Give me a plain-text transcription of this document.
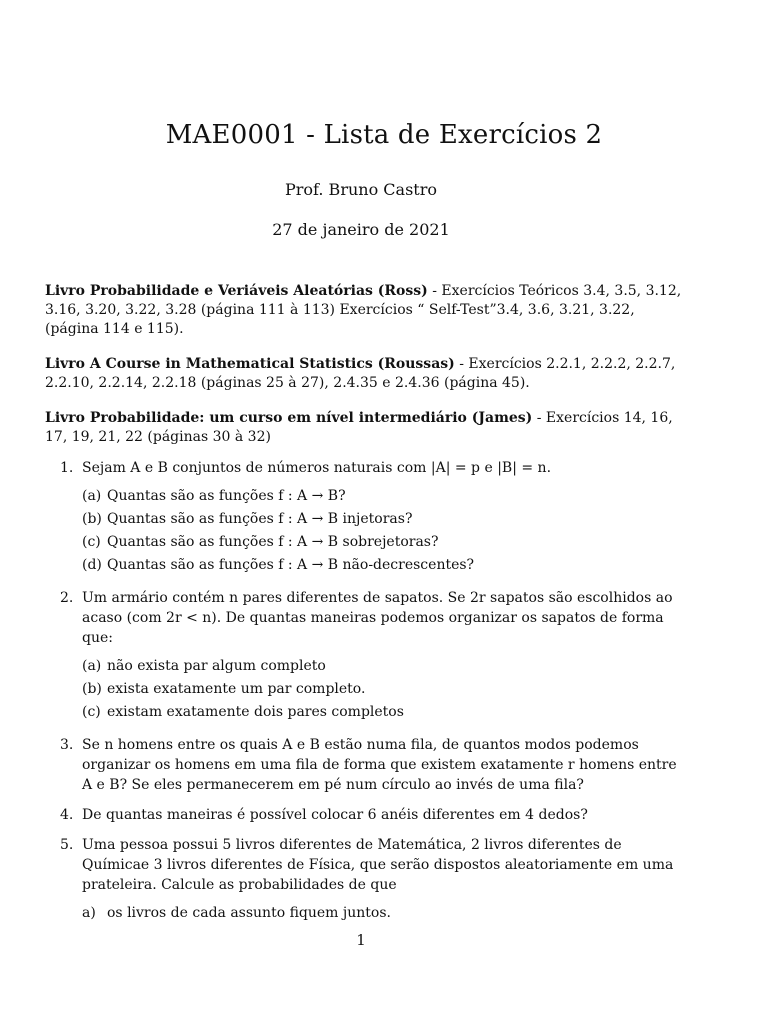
MAE0001 - Lista de Exercícios 2
Prof. Bruno Castro
27 de janeiro de 2021

Livro Probabilidade e Veriáveis Aleatórias (Ross) - Exercícios Teóricos 3.4, 3.5, 3.12, 3.16, 3.20, 3.22, 3.28 (página 111 à 113) Exercícios “ Self-Test”3.4, 3.6, 3.21, 3.22, (página 114 e 115).

Livro A Course in Mathematical Statistics (Roussas) - Exercícios 2.2.1, 2.2.2, 2.2.7, 2.2.10, 2.2.14, 2.2.18 (páginas 25 à 27), 2.4.35 e 2.4.36 (página 45).

Livro Probabilidade: um curso em nível intermediário (James) - Exercícios 14, 16, 17, 19, 21, 22 (páginas 30 à 32)

1. Sejam A e B conjuntos de números naturais com |A| = p e |B| = n.
(a) Quantas são as funções f : A → B?
(b) Quantas são as funções f : A → B injetoras?
(c) Quantas são as funções f : A → B sobrejetoras?
(d) Quantas são as funções f : A → B não-decrescentes?
2. Um armário contém n pares diferentes de sapatos. Se 2r sapatos são escolhidos ao acaso (com 2r < n). De quantas maneiras podemos organizar os sapatos de forma que:
(a) não exista par algum completo
(b) exista exatamente um par completo.
(c) existam exatamente dois pares completos
3. Se n homens entre os quais A e B estão numa fila, de quantos modos podemos organizar os homens em uma fila de forma que existem exatamente r homens entre A e B? Se eles permanecerem em pé num círculo ao invés de uma fila?
4. De quantas maneiras é possível colocar 6 anéis diferentes em 4 dedos?
5. Uma pessoa possui 5 livros diferentes de Matemática, 2 livros diferentes de Químicae 3 livros diferentes de Física, que serão dispostos aleatoriamente em uma prateleira. Calcule as probabilidades de que
a) os livros de cada assunto fiquem juntos.
1
